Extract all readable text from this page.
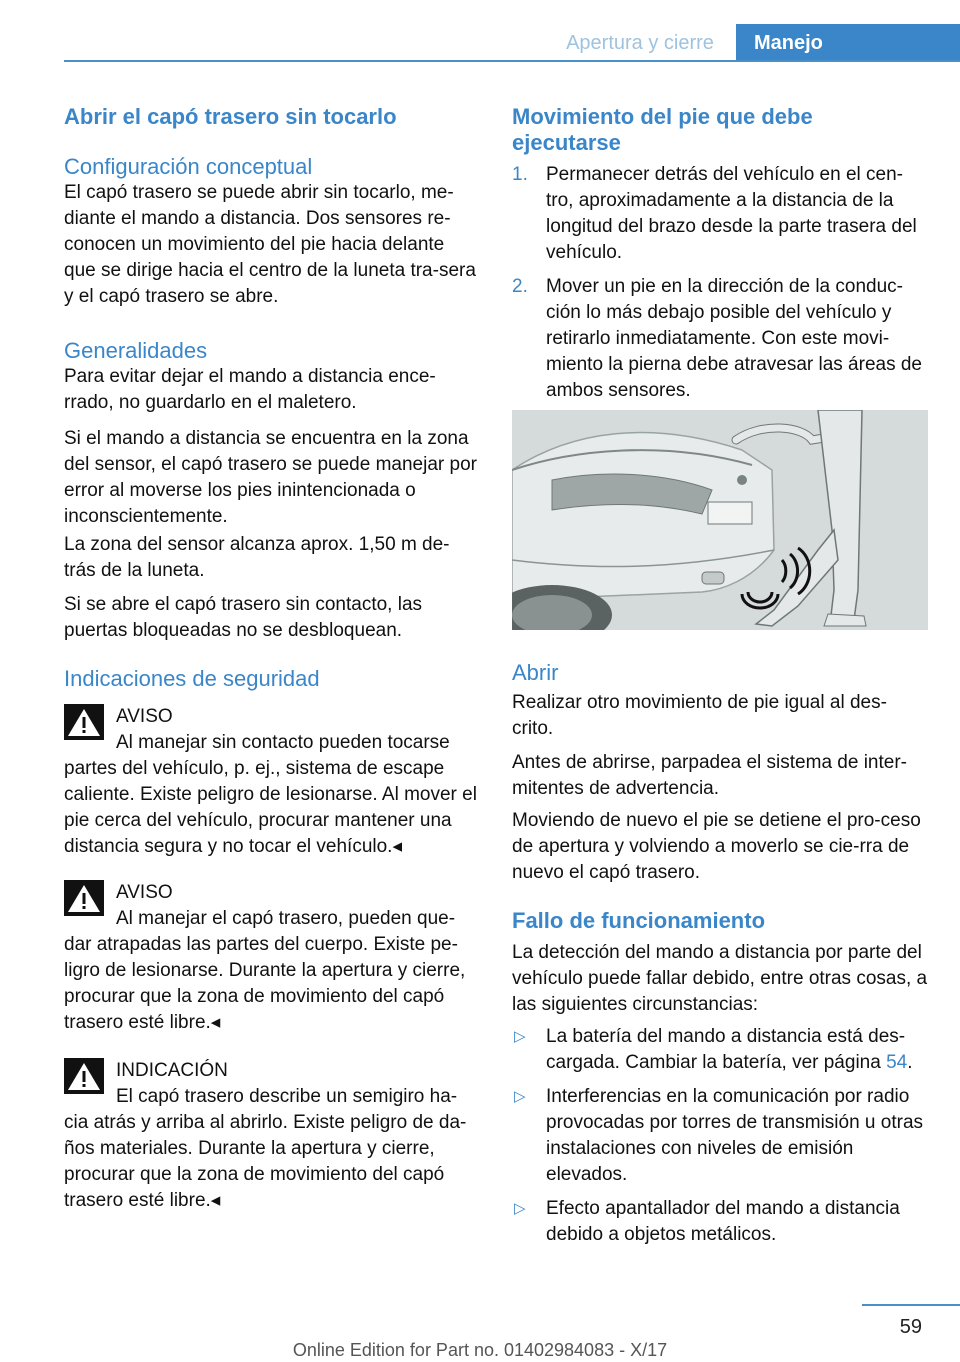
Apertura y cierre	Manejo
Abrir el capó trasero sin tocarlo
Configuración conceptual
El capó trasero se puede abrir sin tocarlo, me-diante el mando a distancia. Dos sensores re-conocen un movimiento del pie hacia delante que se dirige hacia el centro de la luneta tra-sera y el capó trasero se abre.
Generalidades
Para evitar dejar el mando a distancia ence-rrado, no guardarlo en el maletero.
Si el mando a distancia se encuentra en la zona del sensor, el capó trasero se puede manejar por error al moverse los pies inintencionada o inconscientemente.
La zona del sensor alcanza aprox. 1,50 m de-trás de la luneta.
Si se abre el capó trasero sin contacto, las puertas bloqueadas no se desbloquean.
Indicaciones de seguridad
AVISO
Al manejar sin contacto pueden tocarse partes del vehículo, p. ej., sistema de escape caliente. Existe peligro de lesionarse. Al mover el pie cerca del vehículo, procurar mantener una distancia segura y no tocar el vehículo.◂
AVISO
Al manejar el capó trasero, pueden que-dar atrapadas las partes del cuerpo. Existe pe-ligro de lesionarse. Durante la apertura y cierre, procurar que la zona de movimiento del capó trasero esté libre.◂
INDICACIÓN
El capó trasero describe un semigiro ha-cia atrás y arriba al abrirlo. Existe peligro de da-ños materiales. Durante la apertura y cierre, procurar que la zona de movimiento del capó trasero esté libre.◂
Movimiento del pie que debe ejecutarse
1. Permanecer detrás del vehículo en el cen-tro, aproximadamente a la distancia de la longitud del brazo desde la parte trasera del vehículo.
2. Mover un pie en la dirección de la conduc-ción lo más debajo posible del vehículo y retirarlo inmediatamente. Con este movi-miento la pierna debe atravesar las áreas de ambos sensores.
Abrir
Realizar otro movimiento de pie igual al des-crito.
Antes de abrirse, parpadea el sistema de inter-mitentes de advertencia.
Moviendo de nuevo el pie se detiene el pro-ceso de apertura y volviendo a moverlo se cie-rra de nuevo el capó trasero.
Fallo de funcionamiento
La detección del mando a distancia por parte del vehículo puede fallar debido, entre otras cosas, a las siguientes circunstancias:
▷ La batería del mando a distancia está des-cargada. Cambiar la batería, ver página 54.
▷ Interferencias en la comunicación por radio provocadas por torres de transmisión u otras instalaciones con niveles de emisión elevados.
▷ Efecto apantallador del mando a distancia debido a objetos metálicos.
59
Online Edition for Part no. 01402984083 - X/17
